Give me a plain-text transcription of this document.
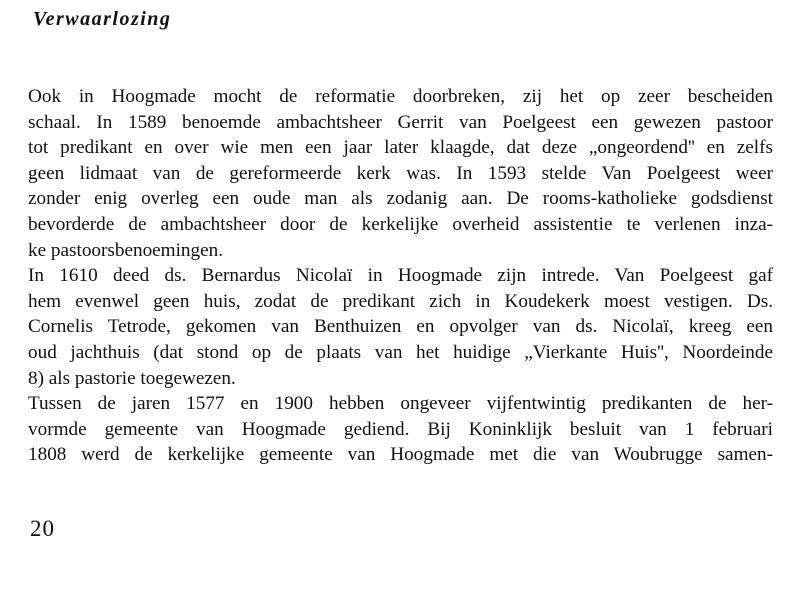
Verwaarlozing
Ook in Hoogmade mocht de reformatie doorbreken, zij het op zeer bescheiden
schaal. In 1589 benoemde ambachtsheer Gerrit van Poelgeest een gewezen pastoor
tot predikant en over wie men een jaar later klaagde, dat deze „ongeordend'' en zelfs
geen lidmaat van de gereformeerde kerk was. In 1593 stelde Van Poelgeest weer
zonder enig overleg een oude man als zodanig aan. De rooms-katholieke godsdienst
bevorderde de ambachtsheer door de kerkelijke overheid assistentie te verlenen inza-
ke pastoorsbenoemingen.
In 1610 deed ds. Bernardus Nicolaï in Hoogmade zijn intrede. Van Poelgeest gaf
hem evenwel geen huis, zodat de predikant zich in Koudekerk moest vestigen. Ds.
Cornelis Tetrode, gekomen van Benthuizen en opvolger van ds. Nicolaï, kreeg een
oud jachthuis (dat stond op de plaats van het huidige „Vierkante Huis'', Noordeinde
8) als pastorie toegewezen.
Tussen de jaren 1577 en 1900 hebben ongeveer vijfentwintig predikanten de her-
vormde gemeente van Hoogmade gediend. Bij Koninklijk besluit van 1 februari
1808 werd de kerkelijke gemeente van Hoogmade met die van Woubrugge samen-
20
